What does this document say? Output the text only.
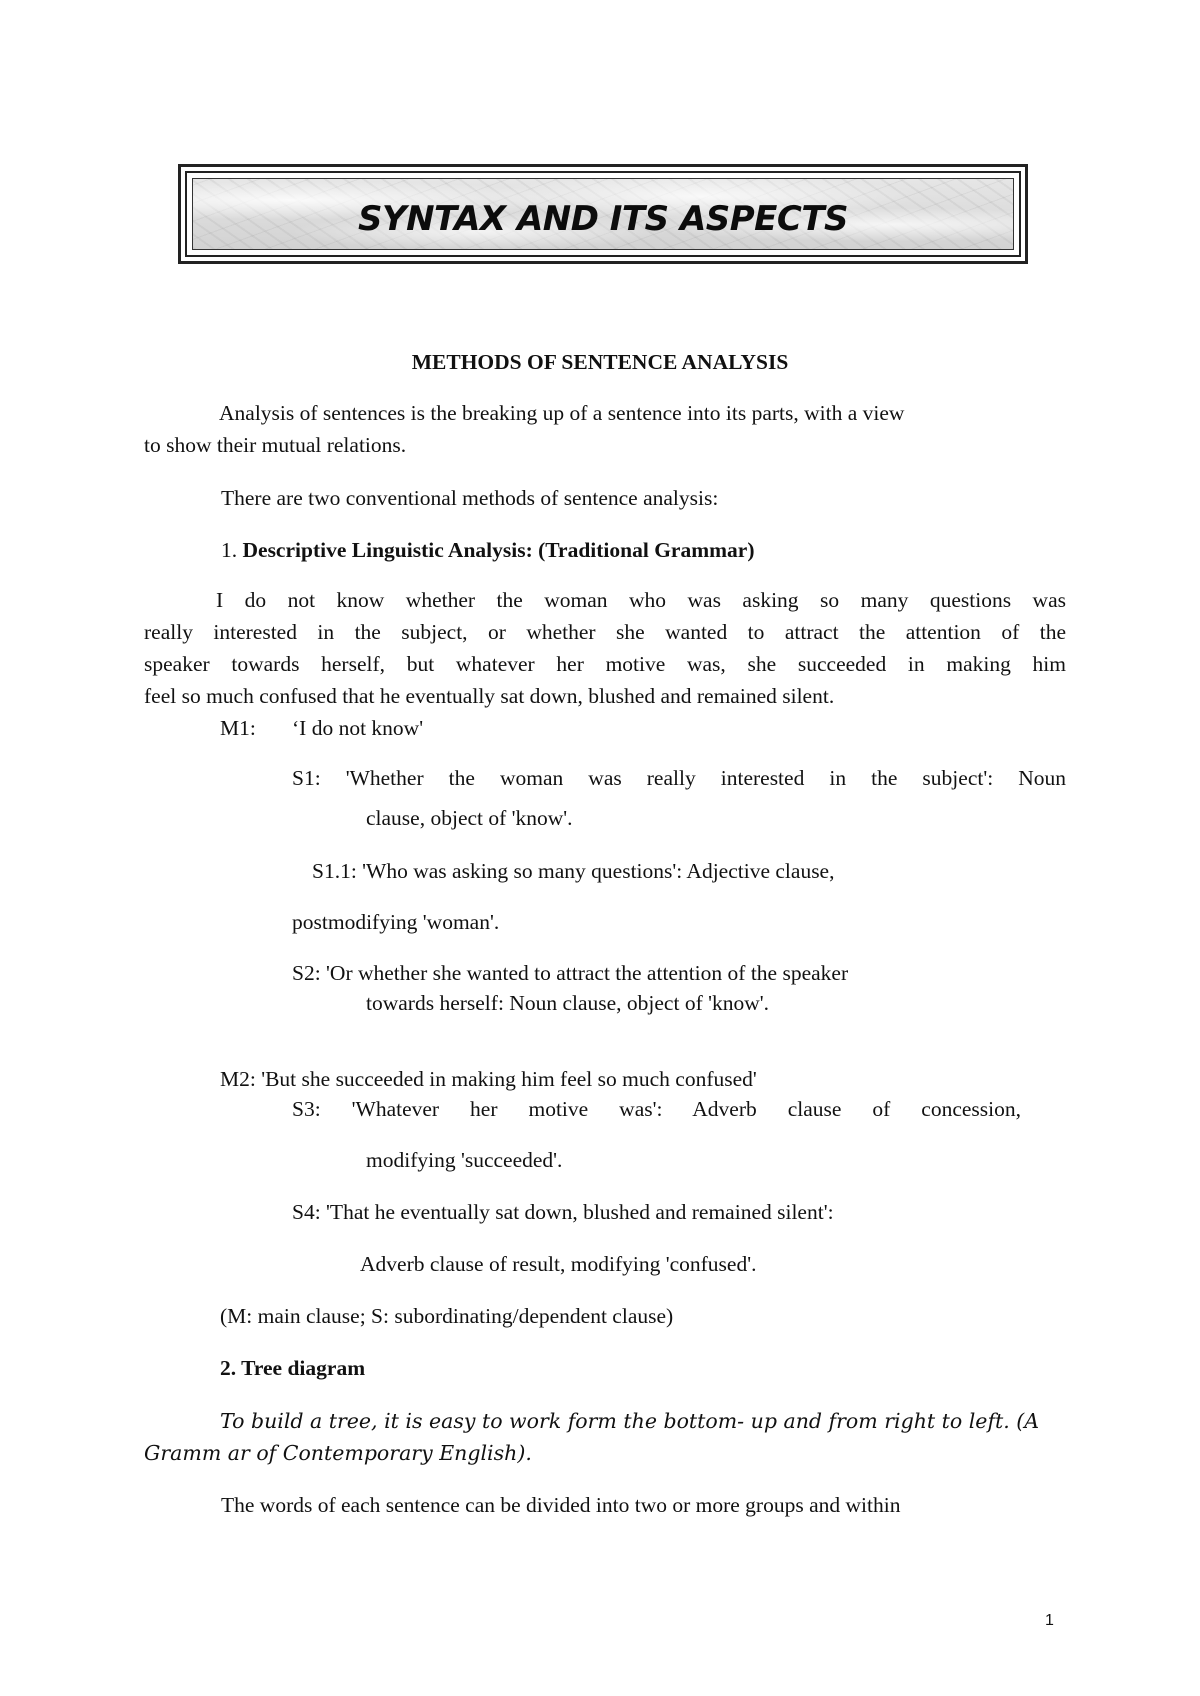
SYNTAX AND ITS ASPECTS

METHODS OF SENTENCE ANALYSIS

Analysis of sentences is the breaking up of a sentence into its parts, with a view

to show their mutual relations.

There are two conventional methods of sentence analysis:

1. Descriptive Linguistic Analysis: (Traditional Grammar)

I do not know whether the woman who was asking so many questions was

really interested in the subject, or whether she wanted to attract the attention of the

speaker towards herself, but whatever her motive was, she succeeded in making him

feel so much confused that he eventually sat down, blushed and remained silent.

M1: ‘I do not know'

S1: 'Whether the woman was really interested in the subject': Noun

clause, object of 'know'.

S1.1: 'Who was asking so many questions': Adjective clause,

postmodifying 'woman'.

S2: 'Or whether she wanted to attract the attention of the speaker

towards herself: Noun clause, object of 'know'.

M2: 'But she succeeded in making him feel so much confused'

S3: 'Whatever her motive was': Adverb clause of concession,

modifying 'succeeded'.

S4: 'That he eventually sat down, blushed and remained silent':

Adverb clause of result, modifying 'confused'.

(M: main clause; S: subordinating/dependent clause)

2. Tree diagram

To build a tree, it is easy to work form the bottom- up and from right to left. (A

Gramm ar of Contemporary English).

The words of each sentence can be divided into two or more groups and within

1
